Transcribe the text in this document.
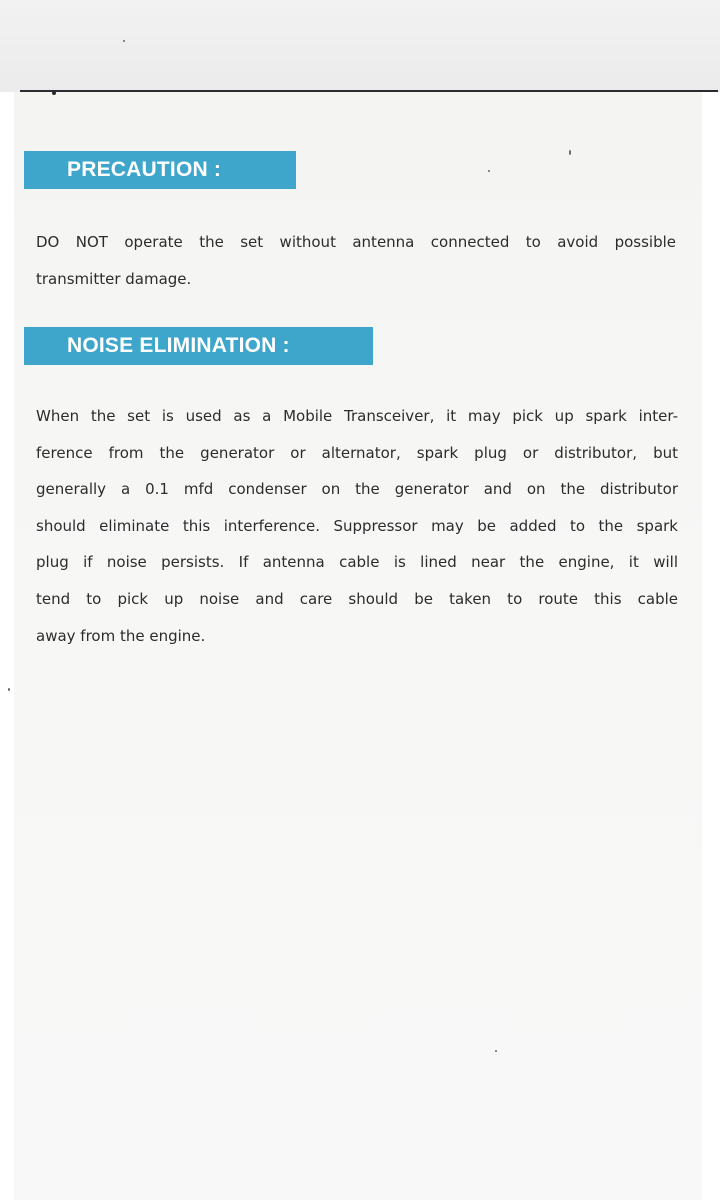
PRECAUTION :
DO NOT operate the set without antenna connected to avoid possible
transmitter damage.
NOISE ELIMINATION :
When the set is used as a Mobile Transceiver, it may pick up spark inter-
ference from the generator or alternator, spark plug or distributor, but
generally a 0.1 mfd condenser on the generator and on the distributor
should eliminate this interference. Suppressor may be added to the spark
plug if noise persists. If antenna cable is lined near the engine, it will
tend to pick up noise and care should be taken to route this cable
away from the engine.
